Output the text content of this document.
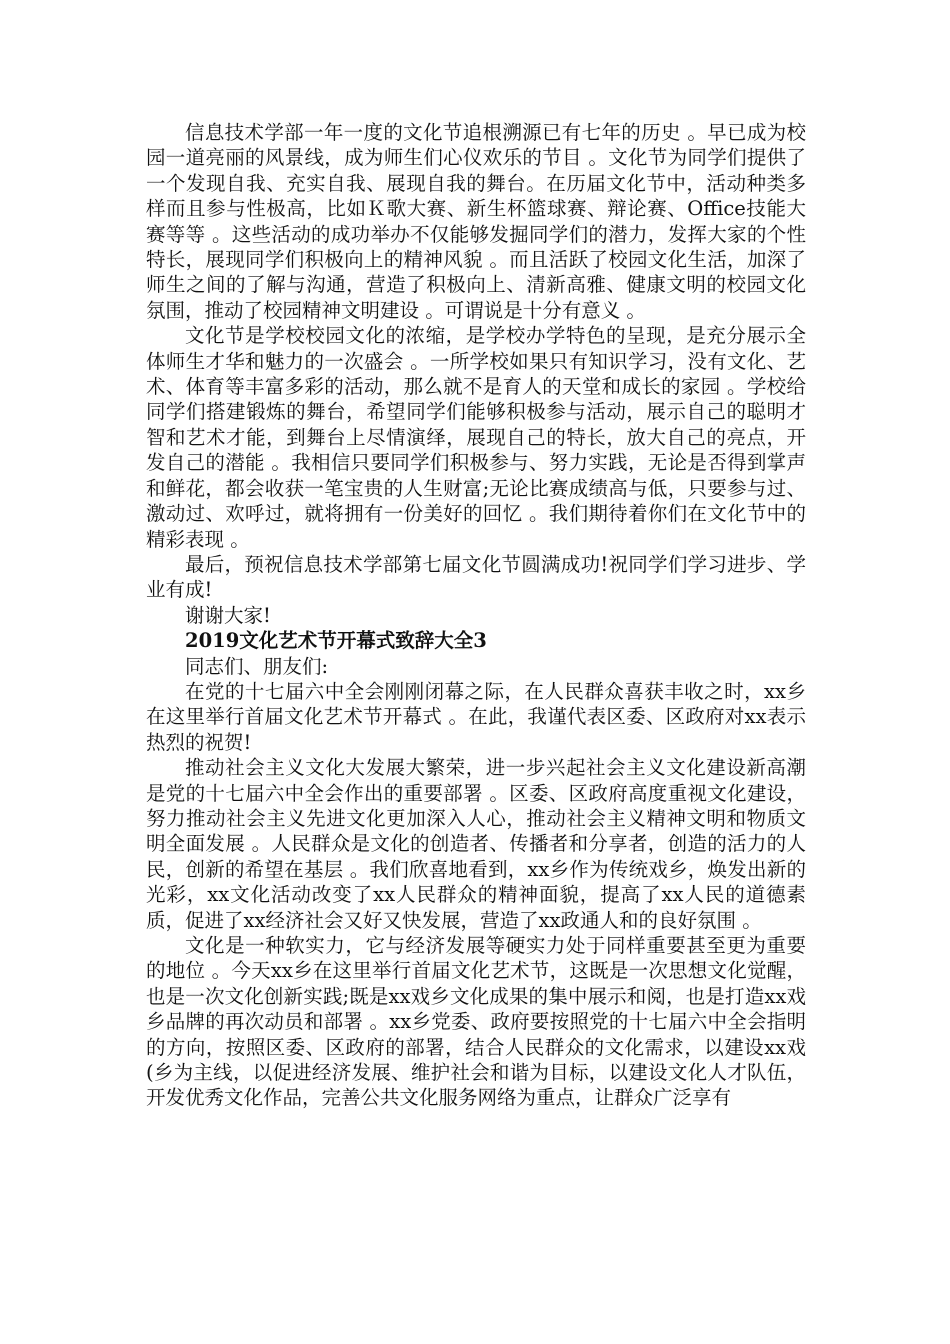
信息技术学部一年一度的文化节追根溯源已有七年的历史 。早已成为校园一道亮丽的风景线，成为师生们心仪欢乐的节目 。文化节为同学们提供了一个发现自我、充实自我、展现自我的舞台。在历届文化节中，活动种类多样而且参与性极高，比如Ｋ歌大赛、新生杯篮球赛、辩论赛、Office技能大赛等等 。这些活动的成功举办不仅能够发掘同学们的潜力，发挥大家的个性特长，展现同学们积极向上的精神风貌 。而且活跃了校园文化生活，加深了师生之间的了解与沟通，营造了积极向上、清新高雅、健康文明的校园文化氛围，推动了校园精神文明建设 。可谓说是十分有意义 。

文化节是学校校园文化的浓缩，是学校办学特色的呈现，是充分展示全体师生才华和魅力的一次盛会 。一所学校如果只有知识学习，没有文化、艺术、体育等丰富多彩的活动，那么就不是育人的天堂和成长的家园 。学校给同学们搭建锻炼的舞台，希望同学们能够积极参与活动，展示自己的聪明才智和艺术才能，到舞台上尽情演绎，展现自己的特长，放大自己的亮点，开发自己的潜能 。我相信只要同学们积极参与、努力实践，无论是否得到掌声和鲜花，都会收获一笔宝贵的人生财富;无论比赛成绩高与低，只要参与过、激动过、欢呼过，就将拥有一份美好的回忆 。我们期待着你们在文化节中的精彩表现 。

最后，预祝信息技术学部第七届文化节圆满成功!祝同学们学习进步、学业有成!

谢谢大家!

2019文化艺术节开幕式致辞大全3

同志们、朋友们:

在党的十七届六中全会刚刚闭幕之际，在人民群众喜获丰收之时，xx乡在这里举行首届文化艺术节开幕式 。在此，我谨代表区委、区政府对xx表示热烈的祝贺!

推动社会主义文化大发展大繁荣，进一步兴起社会主义文化建设新高潮是党的十七届六中全会作出的重要部署 。区委、区政府高度重视文化建设，努力推动社会主义先进文化更加深入人心，推动社会主义精神文明和物质文明全面发展 。人民群众是文化的创造者、传播者和分享者，创造的活力的人民，创新的希望在基层 。我们欣喜地看到，xx乡作为传统戏乡，焕发出新的光彩，xx文化活动改变了xx人民群众的精神面貌，提高了xx人民的道德素质，促进了xx经济社会又好又快发展，营造了xx政通人和的良好氛围 。

文化是一种软实力，它与经济发展等硬实力处于同样重要甚至更为重要的地位 。今天xx乡在这里举行首届文化艺术节，这既是一次思想文化觉醒，也是一次文化创新实践;既是xx戏乡文化成果的集中展示和阅，也是打造xx戏乡品牌的再次动员和部署 。xx乡党委、政府要按照党的十七届六中全会指明的方向，按照区委、区政府的部署，结合人民群众的文化需求，以建设xx戏(乡为主线，以促进经济发展、维护社会和谐为目标，以建设文化人才队伍，开发优秀文化作品，完善公共文化服务网络为重点，让群众广泛享有
